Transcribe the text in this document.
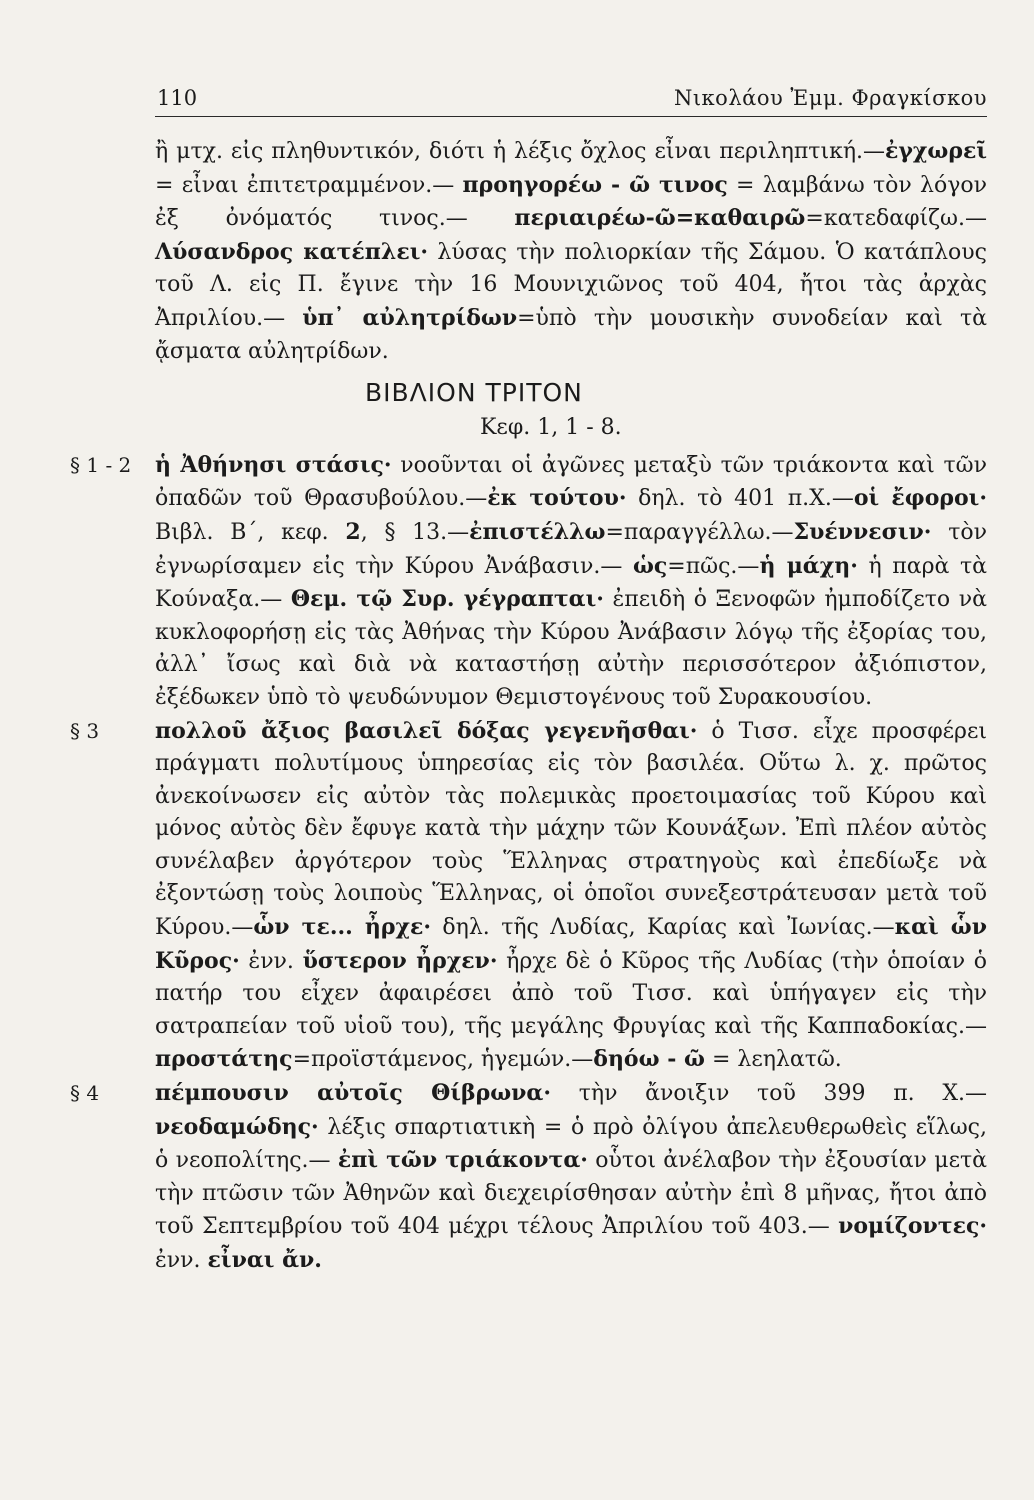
110	Νικολάου Ἐμμ. Φραγκίσκου

ἢ μτχ. εἰς πληθυντικόν, διότι ἡ λέξις ὄχλος εἶναι περιληπτική.—ἐγχωρεῖ = εἶναι ἐπιτετραμμένον.— προηγορέω - ῶ τινος = λαμβάνω τὸν λόγον ἐξ ὀνόματός τινος.— περιαιρέω-ῶ=καθαιρῶ=κατεδαφίζω.— Λύσανδρος κατέπλει· λύσας τὴν πολιορκίαν τῆς Σάμου. Ὁ κατάπλους τοῦ Λ. εἰς Π. ἔγινε τὴν 16 Μουνιχιῶνος τοῦ 404, ἤτοι τὰς ἀρχὰς Ἀπριλίου.— ὑπ᾽ αὐλητρίδων=ὑπὸ τὴν μουσικὴν συνοδείαν καὶ τὰ ᾄσματα αὐλητρίδων.

ΒΙΒΛΙΟΝ ΤΡΙΤΟΝ
Κεφ. 1, 1 - 8.

§ 1 - 2 ἡ Ἀθήνησι στάσις· νοοῦνται οἱ ἀγῶνες μεταξὺ τῶν τριάκοντα καὶ τῶν ὀπαδῶν τοῦ Θρασυβούλου.—ἐκ τούτου· δηλ. τὸ 401 π.Χ.—οἱ ἔφοροι· Βιβλ. Β΄, κεφ. 2, § 13.—ἐπιστέλλω=παραγγέλλω.—Συέννεσιν· τὸν ἐγνωρίσαμεν εἰς τὴν Κύρου Ἀνάβασιν.— ὡς=πῶς.—ἡ μάχη· ἡ παρὰ τὰ Κούναξα.— Θεμ. τῷ Συρ. γέγραπται· ἐπειδὴ ὁ Ξενοφῶν ἠμποδίζετο νὰ κυκλοφορήσῃ εἰς τὰς Ἀθήνας τὴν Κύρου Ἀνάβασιν λόγῳ τῆς ἐξορίας του, ἀλλ᾽ ἴσως καὶ διὰ νὰ καταστήσῃ αὐτὴν περισσότερον ἀξιόπιστον, ἐξέδωκεν ὑπὸ τὸ ψευδώνυμον Θεμιστογένους τοῦ Συρακουσίου.

§ 3	πολλοῦ ἄξιος βασιλεῖ δόξας γεγενῆσθαι· ὁ Τισσ. εἶχε προσφέρει πράγματι πολυτίμους ὑπηρεσίας εἰς τὸν βασιλέα. Οὕτω λ. χ. πρῶτος ἀνεκοίνωσεν εἰς αὐτὸν τὰς πολεμικὰς προετοιμασίας τοῦ Κύρου καὶ μόνος αὐτὸς δὲν ἔφυγε κατὰ τὴν μάχην τῶν Κουνάξων. Ἐπὶ πλέον αὐτὸς συνέλαβεν ἀργότερον τοὺς Ἕλληνας στρατηγοὺς καὶ ἐπεδίωξε νὰ ἐξοντώσῃ τοὺς λοιποὺς Ἕλληνας, οἱ ὁποῖοι συνεξεστράτευσαν μετὰ τοῦ Κύρου.—ὧν τε... ἦρχε· δηλ. τῆς Λυδίας, Καρίας καὶ Ἰωνίας.—καὶ ὧν Κῦρος· ἐνν. ὕστερον ἦρχεν· ἦρχε δὲ ὁ Κῦρος τῆς Λυδίας (τὴν ὁποίαν ὁ πατήρ του εἶχεν ἀφαιρέσει ἀπὸ τοῦ Τισσ. καὶ ὑπήγαγεν εἰς τὴν σατραπείαν τοῦ υἱοῦ του), τῆς μεγάλης Φρυγίας καὶ τῆς Καππαδοκίας.— προστάτης=προϊστάμενος, ἡγεμών.—δηόω - ῶ = λεηλατῶ.

§ 4	πέμπουσιν αὐτοῖς Θίβρωνα· τὴν ἄνοιξιν τοῦ 399 π. Χ.— νεοδαμώδης· λέξις σπαρτιατικὴ = ὁ πρὸ ὀλίγου ἀπελευθερωθεὶς εἵλως, ὁ νεοπολίτης.— ἐπὶ τῶν τριάκοντα· οὗτοι ἀνέλαβον τὴν ἐξουσίαν μετὰ τὴν πτῶσιν τῶν Ἀθηνῶν καὶ διεχειρίσθησαν αὐτὴν ἐπὶ 8 μῆνας, ἤτοι ἀπὸ τοῦ Σεπτεμβρίου τοῦ 404 μέχρι τέλους Ἀπριλίου τοῦ 403.— νομίζοντες· ἐνν. εἶναι ἄν.
